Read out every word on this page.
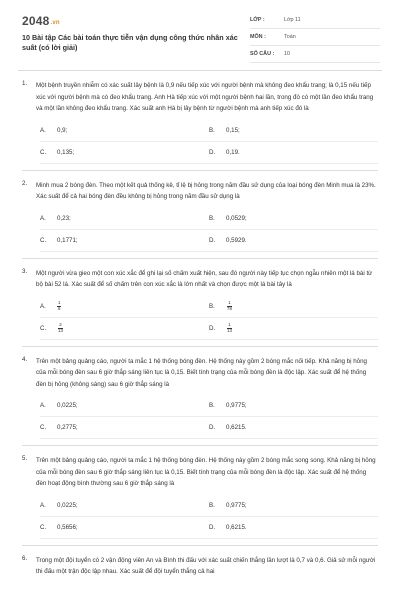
2048.vn
10 Bài tập Các bài toán thực tiễn vận dụng công thức nhân xác suất (có lời giải)
LỚP :	Lớp 11
MÔN :	Toán
SỐ CÂU :	10
1. Một bệnh truyền nhiễm có xác suất lây bệnh là 0,9 nếu tiếp xúc với người bệnh mà không đeo khẩu trang; là 0,15 nếu tiếp xúc với người bệnh mà có đeo khẩu trang. Anh Hà tiếp xúc với một người bệnh hai lần, trong đó có một lần đeo khẩu trang và một lần không đeo khẩu trang. Xác suất anh Hà bị lây bệnh từ người bệnh mà anh tiếp xúc đó là
A.	0,9;	B.	0,15;
C.	0,135;	D.	0,19.
2. Minh mua 2 bóng đèn. Theo một kết quả thống kê, tỉ lệ bị hỏng trong năm đầu sử dụng của loại bóng đèn Minh mua là 23%. Xác suất để cả hai bóng đèn đều không bị hỏng trong năm đầu sử dụng là
A.	0,23;	B.	0,0529;
C.	0,1771;	D.	0,5929.
3. Một người vừa gieo một con xúc xắc để ghi lại số chấm xuất hiện, sau đó người này tiếp tục chọn ngẫu nhiên một lá bài từ bộ bài 52 lá. Xác suất để số chấm trên con xúc xắc là lớn nhất và chọn được một lá bài tây là
A.	$\frac{1}{6}$	B.	$\frac{1}{78}$
C.	$\frac{2}{13}$	D.	$\frac{1}{13}$
4. Trên một bảng quảng cáo, người ta mắc 1 hệ thống bóng đèn. Hệ thống này gồm 2 bóng mắc nối tiếp. Khả năng bị hỏng của mỗi bóng đèn sau 6 giờ thắp sáng liên tục là 0,15. Biết tình trạng của mỗi bóng đèn là độc lập. Xác suất để hệ thống đèn bị hỏng (không sáng) sau 6 giờ thắp sáng là
A.	0,0225;	B.	0,9775;
C.	0,2775;	D.	0,6215.
5. Trên một bảng quảng cáo, người ta mắc 1 hệ thống bóng đèn. Hệ thống này gồm 2 bóng mắc song song. Khả năng bị hỏng của mỗi bóng đèn sau 6 giờ thắp sáng liên tục là 0,15. Biết tình trạng của mỗi bóng đèn là độc lập. Xác suất để hệ thống đèn hoạt động bình thường sau 6 giờ thắp sáng là
A.	0,0225;	B.	0,9775;
C.	0,5656;	D.	0,6215.
6. Trong một đội tuyển có 2 vận động viên An và Bình thi đấu với xác suất chiến thắng lần lượt là 0,7 và 0,6. Giả sử mỗi người thi đấu một trận độc lập nhau. Xác suất để đội tuyển thắng cả hai
